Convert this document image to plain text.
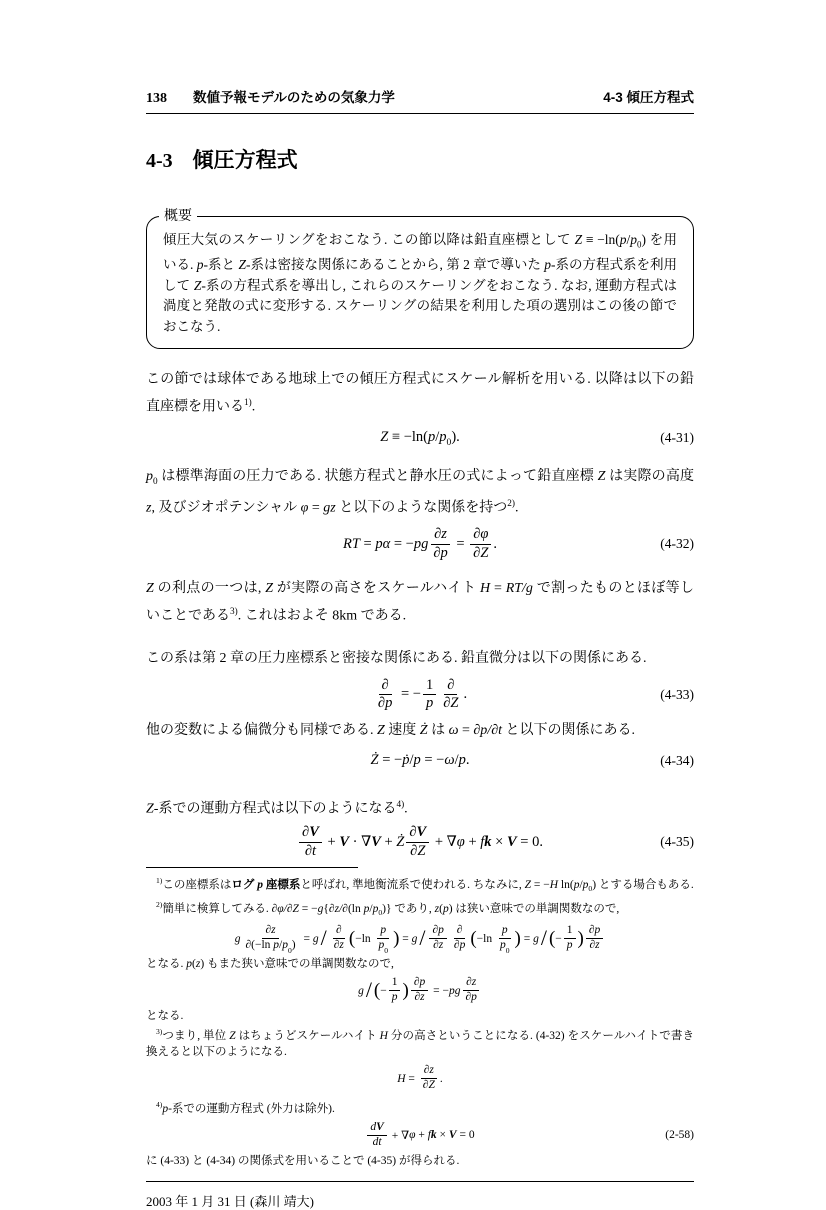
138 数値予報モデルのための気象力学	4-3 傾圧方程式
4-3 傾圧方程式
概要

傾圧大気のスケーリングをおこなう. この節以降は鉛直座標として $Z \equiv -\ln(p/p_0)$ を用いる. p-系と Z-系は密接な関係にあることから, 第 2 章で導いた p-系の方程式系を利用して Z-系の方程式系を導出し, これらのスケーリングをおこなう. なお, 運動方程式は渦度と発散の式に変形する. スケーリングの結果を利用した項の選別はこの後の節でおこなう.

この節では球体である地球上での傾圧方程式にスケール解析を用いる. 以降は以下の鉛直座標を用いる$^{1)}$.

Z ≡ −ln( p / $p_0$ ).	(4-31)

$p_0$ は標準海面の圧力である. 状態方程式と静水圧の式によって鉛直座標 Z は実際の高度 z, 及びジオポテンシャル φ = gz と以下のような関係を持つ$^{2)}$.

RT = pα = − pg $\frac{\partial z}{\partial p} = \frac{\partial\varphi}{\partial Z}$ .	(4-32)

Z の利点の一つは, Z が実際の高さをスケールハイト H = RT/g で割ったものとほぼ等しいことである$^{3)}$. これはおよそ 8km である.

この系は第 2 章の圧力座標系と密接な関係にある. 鉛直微分は以下の関係にある.

$\frac{\partial}{\partial p}$ = − $\frac{1}{p} \frac{\partial}{\partial Z}$ .	(4-33)

他の変数による偏微分も同様である. Z 速度 Ż は ω = ∂p/∂t と以下の関係にある.

Ż = − ṗ / p = − ω / p .	(4-34)

Z-系での運動方程式は以下のようになる$^{4)}$.

$\frac{\partial V}{\partial t} + V$ · ∇ V + Ż $\frac{\partial V}{\partial Z}$ + ∇ φ + f k × V = 0.	(4-35)

$^{1)}$この座標系はログ p 座標系と呼ばれ, 準地衡流系で使われる. ちなみに, Z = −H $\ln(p/p_0)$ とする場合もある.

$^{2)}$簡単に検算してみる. ∂φ/∂Z = −g{∂z/∂(ln $p/p_0$)} であり, z(p) は狭い意味での単調関数なので,

g $\frac{\partial z}{\partial(-\ln p / p_0 )} = g / \frac{\partial}{\partial z}$ ( $-\ln \frac{p}{p_0}$ ) = g / $\frac{\partial p}{\partial z} \frac{\partial}{\partial p}$ ( $-\ln \frac{p}{p_0}$ ) = g / ( − $\frac{1}{p}$ ) $\frac{\partial p}{\partial z}$

となる. p(z) もまた狭い意味での単調関数なので,

g / ( − $\frac{1}{p}$ ) $\frac{\partial p}{\partial z}$ = − pg $\frac{\partial z}{\partial p}$

となる.

$^{3)}$つまり, 単位 Z はちょうどスケールハイト H 分の高さということになる. (4-32) をスケールハイトで書き換えると以下のようになる.

$H = \frac{\partial z}{\partial Z}$ .

$^{4)}$p-系での運動方程式 (外力は除外).

$\frac{\text{d V}}{dt}$ + ∇ φ + f k × V = 0	(2-58)

に (4-33) と (4-34) の関係式を用いることで (4-35) が得られる.

2003 年 1 月 31 日 (森川 靖大)
